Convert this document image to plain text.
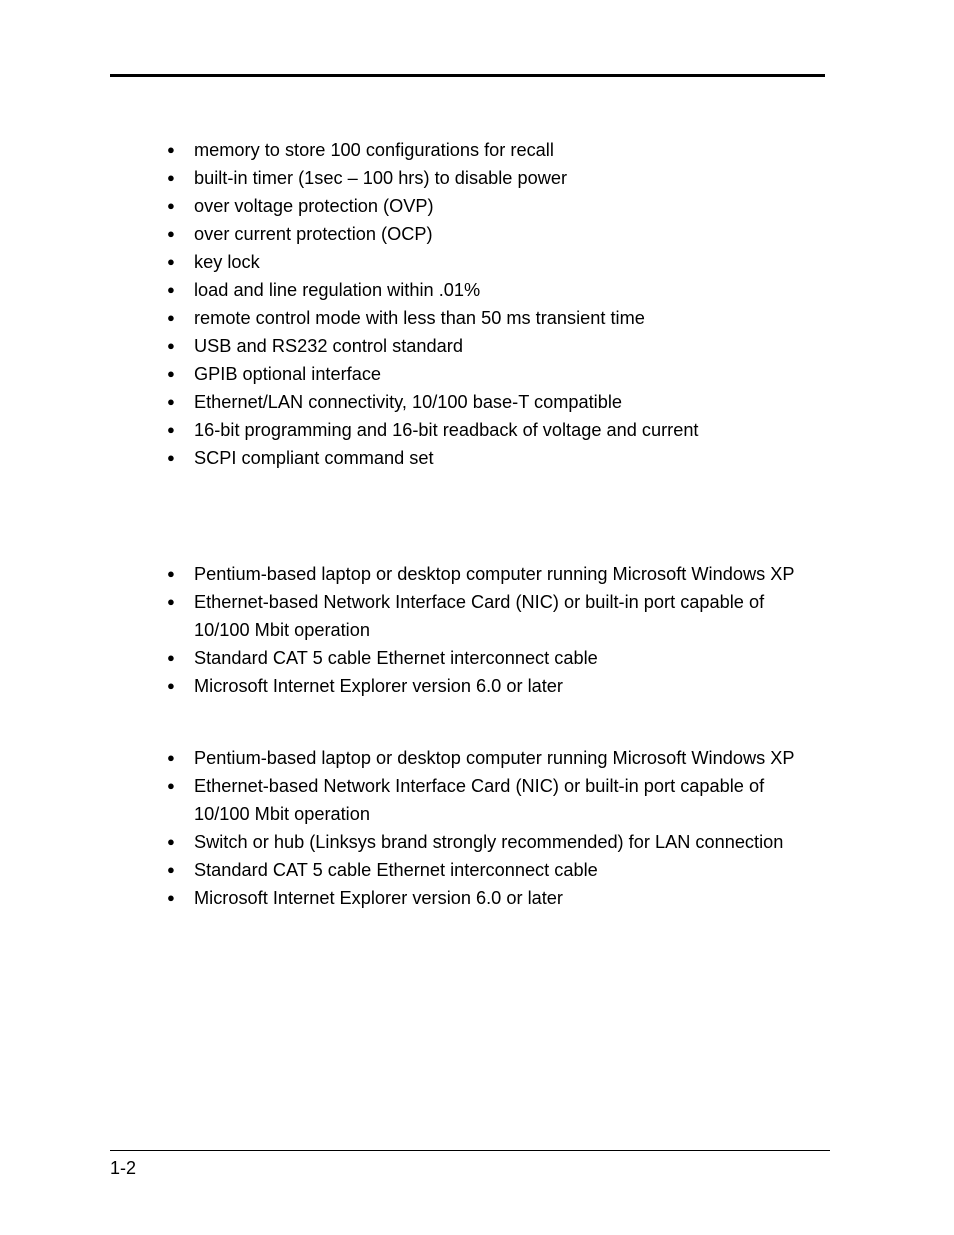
● memory to store 100 configurations for recall
● built-in timer (1sec – 100 hrs) to disable power
● over voltage protection (OVP)
● over current protection (OCP)
● key lock
● load and line regulation within .01%
● remote control mode with less than 50 ms transient time
● USB and RS232 control standard
● GPIB optional interface
● Ethernet/LAN connectivity, 10/100 base-T compatible
● 16-bit programming and 16-bit readback of voltage and current
● SCPI compliant command set
● Pentium-based laptop or desktop computer running Microsoft Windows XP
● Ethernet-based Network Interface Card (NIC) or built-in port capable of
10/100 Mbit operation
● Standard CAT 5 cable Ethernet interconnect cable
● Microsoft Internet Explorer version 6.0 or later
● Pentium-based laptop or desktop computer running Microsoft Windows XP
● Ethernet-based Network Interface Card (NIC) or built-in port capable of
10/100 Mbit operation
● Switch or hub (Linksys brand strongly recommended) for LAN connection
● Standard CAT 5 cable Ethernet interconnect cable
● Microsoft Internet Explorer version 6.0 or later
1-2
